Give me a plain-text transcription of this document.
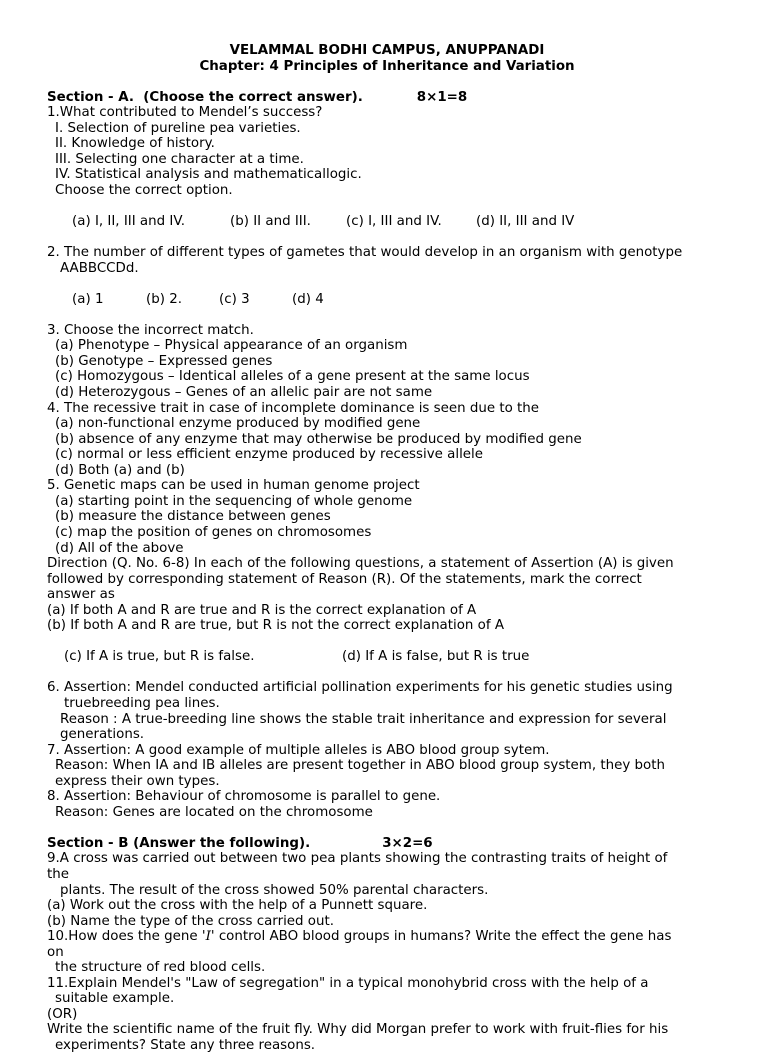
VELAMMAL BODHI CAMPUS, ANUPPANADI
Chapter: 4 Principles of Inheritance and Variation
Section - A.  (Choose the correct answer).	8×1=8
1.What contributed to Mendel’s success?
I. Selection of pureline pea varieties.
II. Knowledge of history.
III. Selecting one character at a time.
IV. Statistical analysis and mathematicallogic.
Choose the correct option.

(a) I, II, III and IV.	(b) II and III.	(c) I, III and IV.	(d) II, III and IV

2. The number of different types of gametes that would develop in an organism with genotype
AABBCCDd.

(a) 1	(b) 2.	(c) 3	(d) 4

3. Choose the incorrect match.
(a) Phenotype – Physical appearance of an organism
(b) Genotype – Expressed genes
(c) Homozygous – Identical alleles of a gene present at the same locus
(d) Heterozygous – Genes of an allelic pair are not same
4. The recessive trait in case of incomplete dominance is seen due to the
(a) non-functional enzyme produced by modified gene
(b) absence of any enzyme that may otherwise be produced by modified gene
(c) normal or less efficient enzyme produced by recessive allele
(d) Both (a) and (b)
5. Genetic maps can be used in human genome project
(a) starting point in the sequencing of whole genome
(b) measure the distance between genes
(c) map the position of genes on chromosomes
(d) All of the above
Direction (Q. No. 6-8) In each of the following questions, a statement of Assertion (A) is given
followed by corresponding statement of Reason (R). Of the statements, mark the correct
answer as
(a) If both A and R are true and R is the correct explanation of A
(b) If both A and R are true, but R is not the correct explanation of A

(c) If A is true, but R is false.	(d) If A is false, but R is true

6. Assertion: Mendel conducted artificial pollination experiments for his genetic studies using
truebreeding pea lines.
Reason : A true-breeding line shows the stable trait inheritance and expression for several
generations.
7. Assertion: A good example of multiple alleles is ABO blood group sytem.
Reason: When IA and IB alleles are present together in ABO blood group system, they both
express their own types.
8. Assertion: Behaviour of chromosome is parallel to gene.
Reason: Genes are located on the chromosome
Section - B (Answer the following).	3×2=6
9.A cross was carried out between two pea plants showing the contrasting traits of height of
the
plants. The result of the cross showed 50% parental characters.
(a) Work out the cross with the help of a Punnett square.
(b) Name the type of the cross carried out.
10.How does the gene 'I' control ABO blood groups in humans? Write the effect the gene has
on
the structure of red blood cells.
11.Explain Mendel's "Law of segregation" in a typical monohybrid cross with the help of a
suitable example.
(OR)
Write the scientific name of the fruit fly. Why did Morgan prefer to work with fruit-flies for his
experiments? State any three reasons.
